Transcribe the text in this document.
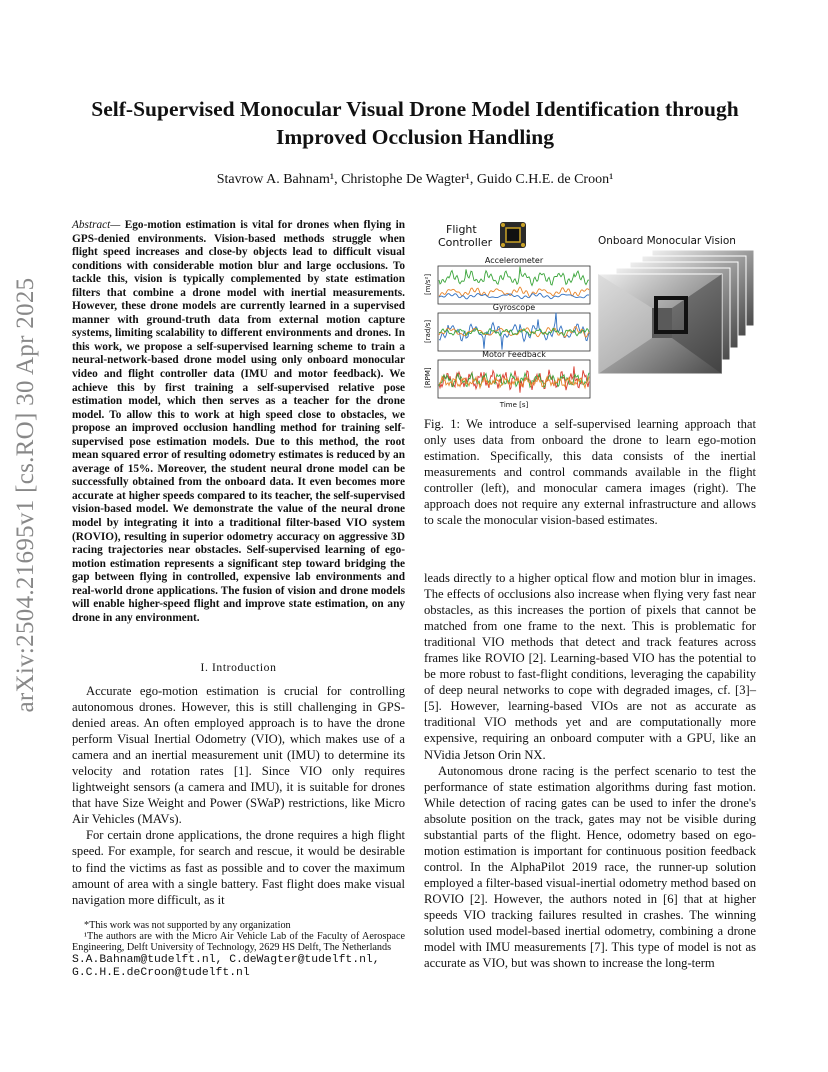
arXiv:2504.21695v1 [cs.RO] 30 Apr 2025
Self-Supervised Monocular Visual Drone Model Identification through Improved Occlusion Handling
Stavrow A. Bahnam¹, Christophe De Wagter¹, Guido C.H.E. de Croon¹
Abstract— Ego-motion estimation is vital for drones when flying in GPS-denied environments. Vision-based methods struggle when flight speed increases and close-by objects lead to difficult visual conditions with considerable motion blur and large occlusions. To tackle this, vision is typically complemented by state estimation filters that combine a drone model with inertial measurements. However, these drone models are currently learned in a supervised manner with ground-truth data from external motion capture systems, limiting scalability to different environments and drones. In this work, we propose a self-supervised learning scheme to train a neural-network-based drone model using only onboard monocular video and flight controller data (IMU and motor feedback). We achieve this by first training a self-supervised relative pose estimation model, which then serves as a teacher for the drone model. To allow this to work at high speed close to obstacles, we propose an improved occlusion handling method for training self-supervised pose estimation models. Due to this method, the root mean squared error of resulting odometry estimates is reduced by an average of 15%. Moreover, the student neural drone model can be successfully obtained from the onboard data. It even becomes more accurate at higher speeds compared to its teacher, the self-supervised vision-based model. We demonstrate the value of the neural drone model by integrating it into a traditional filter-based VIO system (ROVIO), resulting in superior odometry accuracy on aggressive 3D racing trajectories near obstacles. Self-supervised learning of ego-motion estimation represents a significant step toward bridging the gap between flying in controlled, expensive lab environments and real-world drone applications. The fusion of vision and drone models will enable higher-speed flight and improve state estimation, on any drone in any environment.
I. Introduction

Accurate ego-motion estimation is crucial for controlling autonomous drones. However, this is still challenging in GPS-denied areas. An often employed approach is to have the drone perform Visual Inertial Odometry (VIO), which makes use of a camera and an inertial measurement unit (IMU) to determine its velocity and rotation rates [1]. Since VIO only requires lightweight sensors (a camera and IMU), it is suitable for drones that have Size Weight and Power (SWaP) restrictions, like Micro Air Vehicles (MAVs).

For certain drone applications, the drone requires a high flight speed. For example, for search and rescue, it would be desirable to find the victims as fast as possible and to cover the maximum amount of area with a single battery. Fast flight does make visual navigation more difficult, as it

*This work was not supported by any organization
¹The authors are with the Micro Air Vehicle Lab of the Faculty of Aerospace Engineering, Delft University of Technology, 2629 HS Delft, The Netherlands
S.A.Bahnam@tudelft.nl, C.deWagter@tudelft.nl, G.C.H.E.deCroon@tudelft.nl
Flight
Controller
Accelerometer
Gyroscope
Motor Feedback
[m/s²]
[rad/s]
[RPM]
Time [s]
Onboard Monocular Vision
Fig. 1: We introduce a self-supervised learning approach that only uses data from onboard the drone to learn ego-motion estimation. Specifically, this data consists of the inertial measurements and control commands available in the flight controller (left), and monocular camera images (right). The approach does not require any external infrastructure and allows to scale the monocular vision-based estimates.

leads directly to a higher optical flow and motion blur in images. The effects of occlusions also increase when flying very fast near obstacles, as this increases the portion of pixels that cannot be matched from one frame to the next. This is problematic for traditional VIO methods that detect and track features across frames like ROVIO [2]. Learning-based VIO has the potential to be more robust to fast-flight conditions, leveraging the capability of deep neural networks to cope with degraded images, cf. [3]–[5]. However, learning-based VIOs are not as accurate as traditional VIO methods yet and are computationally more expensive, requiring an onboard computer with a GPU, like an NVidia Jetson Orin NX.

Autonomous drone racing is the perfect scenario to test the performance of state estimation algorithms during fast motion. While detection of racing gates can be used to infer the drone's absolute position on the track, gates may not be visible during substantial parts of the flight. Hence, odometry based on ego-motion estimation is important for continuous position feedback control. In the AlphaPilot 2019 race, the runner-up solution employed a filter-based visual-inertial odometry method based on ROVIO [2]. However, the authors noted in [6] that at higher speeds VIO tracking failures resulted in crashes. The winning solution used model-based inertial odometry, combining a drone model with IMU measurements [7]. This type of model is not as accurate as VIO, but was shown to increase the long-term
